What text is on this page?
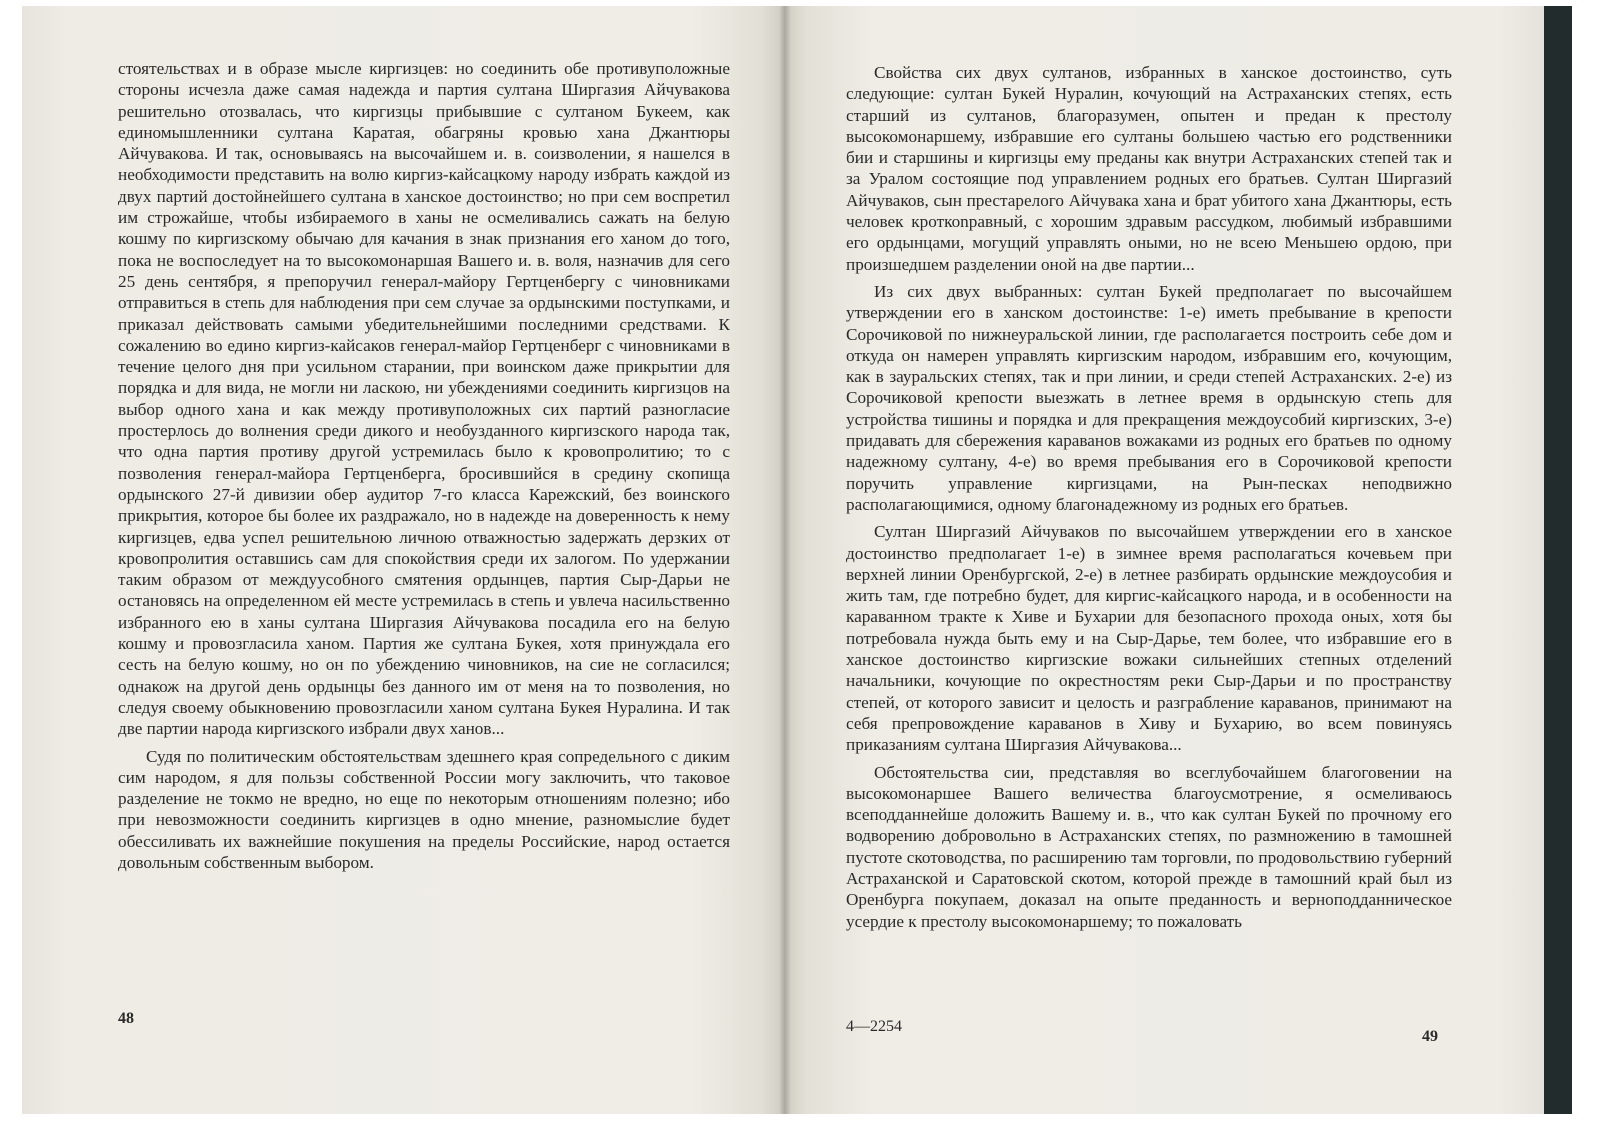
стоятельствах и в образе мысле киргизцев: но соединить обе противуположные стороны исчезла даже самая надежда и партия султана Ширгазия Айчувакова решительно отозвалась, что киргизцы прибывшие с султаном Букеем, как единомышленники султана Каратая, обагряны кровью хана Джантюры Айчувакова. И так, основываясь на высочайшем и. в. соизволении, я нашелся в необходимости представить на волю киргиз-кайсацкому народу избрать каждой из двух партий достойнейшего султана в ханское достоинство; но при сем воспретил им строжайше, чтобы избираемого в ханы не осмеливались сажать на белую кошму по киргизскому обычаю для качания в знак признания его ханом до того, пока не воспоследует на то высокомонаршая Вашего и. в. воля, назначив для сего 25 день сентября, я препоручил генерал-майору Гертценбергу с чиновниками отправиться в степь для наблюдения при сем случае за ордынскими поступками, и приказал действовать самыми убедительнейшими последними средствами. К сожалению во едино киргиз-кайсаков генерал-майор Гертценберг с чиновниками в течение целого дня при усильном старании, при воинском даже прикрытии для порядка и для вида, не могли ни ласкою, ни убеждениями соединить киргизцов на выбор одного хана и как между противуположных сих партий разногласие простерлось до волнения среди дикого и необузданного киргизского народа так, что одна партия противу другой устремилась было к кровопролитию; то с позволения генерал-майора Гертценберга, бросившийся в средину скопища ордынского 27-й дивизии обер аудитор 7-го класса Карежский, без воинского прикрытия, которое бы более их раздражало, но в надежде на доверенность к нему киргизцев, едва успел решительною личною отважностью задержать дерзких от кровопролития оставшись сам для спокойствия среди их залогом. По удержании таким образом от междуусобного смятения ордынцев, партия Сыр-Дарьи не остановясь на определенном ей месте устремилась в степь и увлеча насильственно избранного ею в ханы султана Ширгазия Айчувакова посадила его на белую кошму и провозгласила ханом. Партия же султана Букея, хотя принуждала его сесть на белую кошму, но он по убеждению чиновников, на сие не согласился; однакож на другой день ордынцы без данного им от меня на то позволения, но следуя своему обыкновению провозгласили ханом султана Букея Нуралина. И так две партии народа киргизского избрали двух ханов...

Судя по политическим обстоятельствам здешнего края сопредельного с диким сим народом, я для пользы собственной России могу заключить, что таковое разделение не токмо не вредно, но еще по некоторым отношениям полезно; ибо при невозможности соединить киргизцев в одно мнение, разномыслие будет обессиливать их важнейшие покушения на пределы Российские, народ остается довольным собственным выбором.

48

Свойства сих двух султанов, избранных в ханское достоинство, суть следующие: султан Букей Нуралин, кочующий на Астраханских степях, есть старший из султанов, благоразумен, опытен и предан к престолу высокомонаршему, избравшие его султаны большею частью его родственники бии и старшины и киргизцы ему преданы как внутри Астраханских степей так и за Уралом состоящие под управлением родных его братьев. Султан Ширгазий Айчуваков, сын престарелого Айчувака хана и брат убитого хана Джантюры, есть человек кроткоnравный, с хорошим здравым рассудком, любимый избравшими его ордынцами, могущий управлять оными, но не всею Меньшею ордою, при произшедшем разделении оной на две партии...

Из сих двух выбранных: султан Букей предполагает по высочайшем утверждении его в ханском достоинстве: 1-е) иметь пребывание в крепости Сорочиковой по нижнеуральской линии, где располагается построить себе дом и откуда он намерен управлять киргизским народом, избравшим его, кочующим, как в зауральских степях, так и при линии, и среди степей Астраханских. 2-е) из Сорочиковой крепости выезжать в летнее время в ордынскую степь для устройства тишины и порядка и для прекращения междоусобий киргизских, 3-е) придавать для сбережения караванов вожаками из родных его братьев по одному надежному султану, 4-е) во время пребывания его в Сорочиковой крепости поручить управление киргизцами, на Рын-песках неподвижно располагающимися, одному благонадежному из родных его братьев.

Султан Ширгазий Айчуваков по высочайшем утверждении его в ханское достоинство предполагает 1-е) в зимнее время располагаться кочевьем при верхней линии Оренбургской, 2-е) в летнее разбирать ордынские междоусобия и жить там, где потребно будет, для киргис-кайсацкого народа, и в особенности на караванном тракте к Хиве и Бухарии для безопасного прохода оных, хотя бы потребовала нужда быть ему и на Сыр-Дарье, тем более, что избравшие его в ханское достоинство киргизские вожаки сильнейших степных отделений начальники, кочующие по окрестностям реки Сыр-Дарьи и по пространству степей, от которого зависит и целость и разграбление караванов, принимают на себя препровождение караванов в Хиву и Бухарию, во всем повинуясь приказаниям султана Ширгазия Айчувакова...

Обстоятельства сии, представляя во всеглубочайшем благоговении на высокомонаршее Вашего величества благоусмотрение, я осмеливаюсь всеподданнейше доложить Вашему и. в., что как султан Букей по прочному его водворению добровольно в Астраханских степях, по размножению в тамошней пустоте скотоводства, по расширению там торговли, по продовольствию губерний Астраханской и Саратовской скотом, которой прежде в тамошний край был из Оренбурга покупаем, доказал на опыте преданность и верноподданническое усердие к престолу высокомонаршему; то пожаловать

4—2254
49
